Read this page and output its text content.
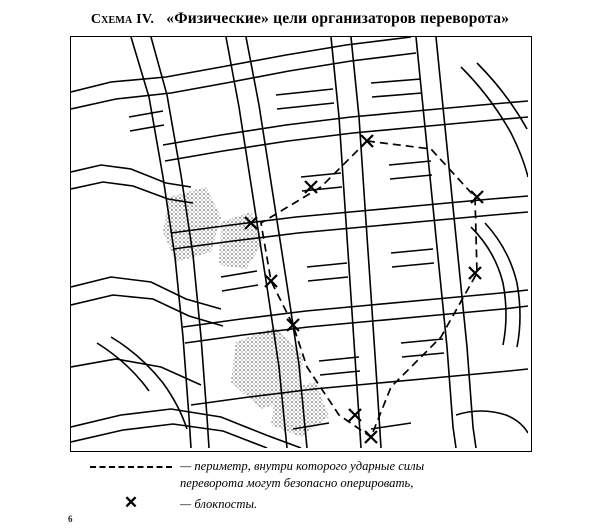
Схема IV. «Физические» цели организаторов переворота»
— периметр, внутри которого ударные силы
переворота могут безопасно оперировать,
✕	— блокпосты.
6
